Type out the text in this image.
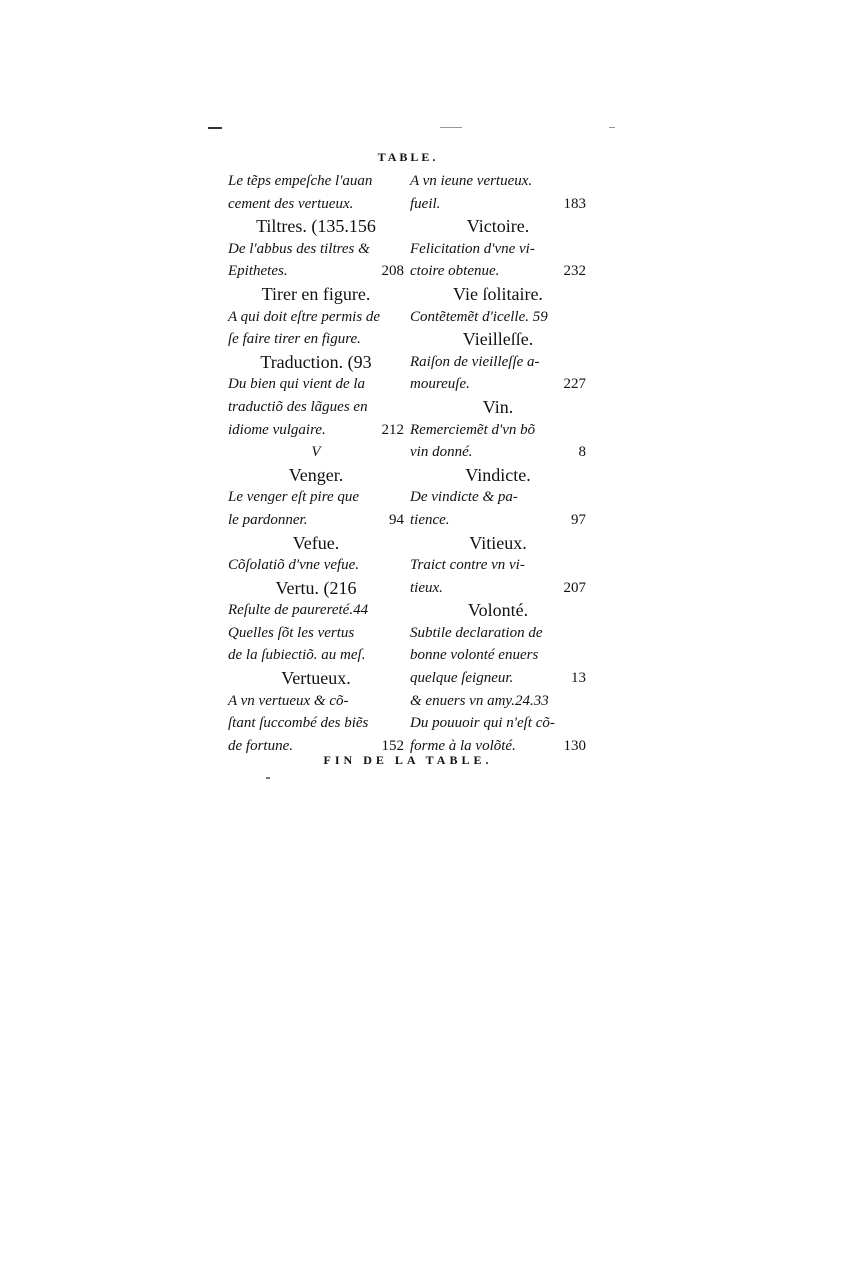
TABLE.
Le tẽps empeſche l'auan
cement des vertueux.
Tiltres. (135.156
De l'abbus des tiltres &
Epithetes.	208
Tirer en figure.
A qui doit eſtre permis de
ſe faire tirer en figure.
Traduction. (93
Du bien qui vient de la
traductiõ des lãgues en
idiome vulgaire.	212
V
Venger.
Le venger eſt pire que
le pardonner.	94
Vefue.
Cõſolatiõ d'vne vefue.
Vertu. (216
Reſulte de paurereté.44
Quelles ſõt les vertus
de la ſubiectiõ. au meſ.
Vertueux.
A vn vertueux & cõ-
ſtant ſuccombé des biẽs
de fortune.	152
A vn ieune vertueux.
fueil.	183
Victoire.
Felicitation d'vne vi-
ctoire obtenue.	232
Vie ſolitaire.
Contẽtemẽt d'icelle. 59
Vieilleſſe.
Raiſon de vieilleſſe a-
moureuſe.	227
Vin.
Remerciemẽt d'vn bõ
vin donné.	8
Vindicte.
De vindicte & pa-
tience.	97
Vitieux.
Traict contre vn vi-
tieux.	207
Volonté.
Subtile declaration de
bonne volonté enuers
quelque ſeigneur.	13
& enuers vn amy.24.33
Du pouuoir qui n'eſt cõ-
forme à la volõté.	130
FIN DE LA TABLE.
